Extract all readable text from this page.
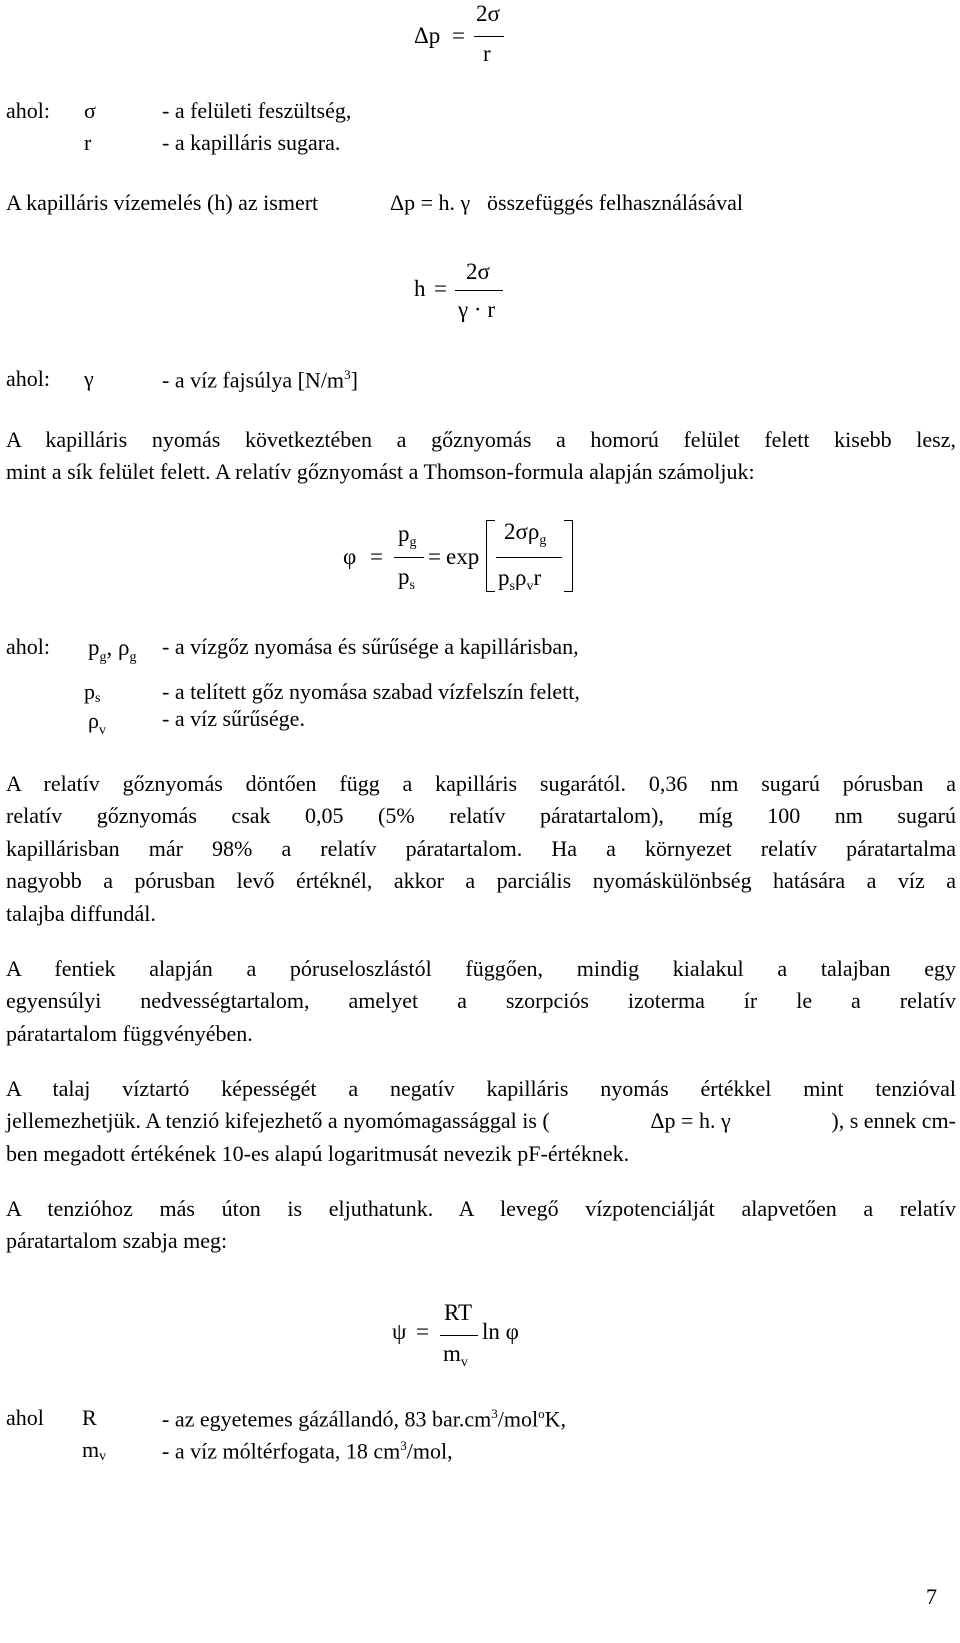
Δp =
2σ
r
ahol: σ	- a felületi feszültség,
r	- a kapilláris sugara.
A kapilláris vízemelés (h) az ismert	Δp = h. γ összefüggés felhasználásával
h =
2σ
γ · r
ahol: γ	- a víz fajsúlya $[N/m^3]$
A kapilláris nyomás következtében a gőznyomás a homorú felület felett kisebb lesz,
mint a sík felület felett. A relatív gőznyomást a Thomson-formula alapján számoljuk:
φ =
$p_g$
$p_s$
= exp
$2\sigma\rho_g$
$p_s\rho_vr$
ahol: $p_g$, $\rho_g$ - a vízgőz nyomása és sűrűsége a kapillárisban,
$p_s$	- a telített gőz nyomása szabad vízfelszín felett,
$\rho_v$	- a víz sűrűsége.
A relatív gőznyomás döntően függ a kapilláris sugarától. 0,36 nm sugarú pórusban a
relatív gőznyomás csak 0,05 (5% relatív páratartalom), míg 100 nm sugarú
kapillárisban már 98% a relatív páratartalom. Ha a környezet relatív páratartalma
nagyobb a pórusban levő értéknél, akkor a parciális nyomáskülönbség hatására a víz a
talajba diffundál.
A fentiek alapján a póruseloszlástól függően, mindig kialakul a talajban egy
egyensúlyi nedvességtartalom, amelyet a szorpciós izoterma ír le a relatív
páratartalom függvényében.
A talaj víztartó képességét a negatív kapilláris nyomás értékkel mint tenzióval
jellemezhetjük. A tenzió kifejezhető a nyomómagassággal is (	Δp = h. γ	), s ennek cm-
ben megadott értékének 10-es alapú logaritmusát nevezik pF-értéknek.
A tenzióhoz más úton is eljuthatunk. A levegő vízpotenciálját alapvetően a relatív
páratartalom szabja meg:
ψ =
RT
$m_v$
ln φ
ahol R	- az egyetemes gázállandó, 83 $bar.cm^3/mol^oK$,
$m_v$	- a víz móltérfogata, 18 $cm^3$/mol,
7
